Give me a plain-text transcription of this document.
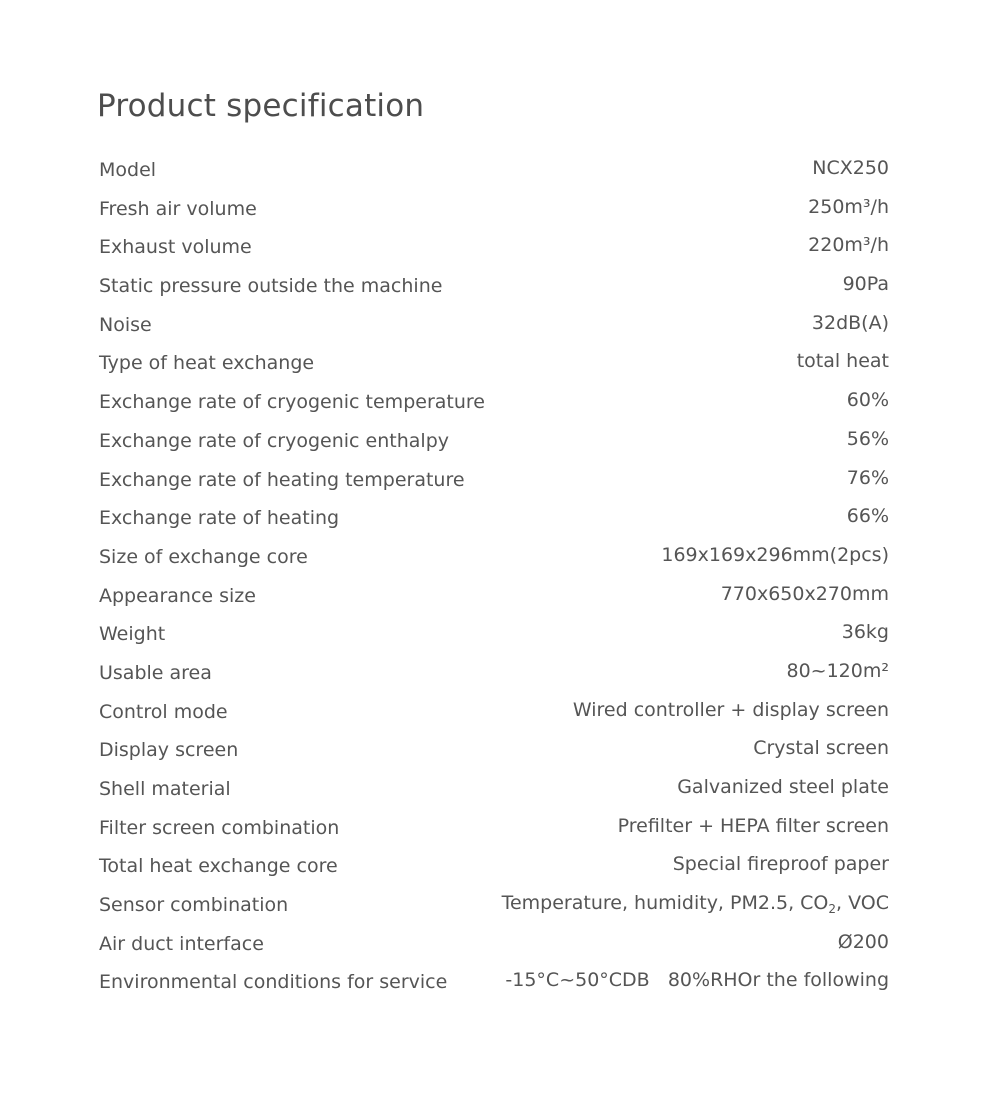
Product specification
Model	NCX250
Fresh air volume	250m³/h
Exhaust volume	220m³/h
Static pressure outside the machine	90Pa
Noise	32dB(A)
Type of heat exchange	total heat
Exchange rate of cryogenic temperature	60%
Exchange rate of cryogenic enthalpy	56%
Exchange rate of heating temperature	76%
Exchange rate of heating	66%
Size of exchange core	169x169x296mm(2pcs)
Appearance size	770x650x270mm
Weight	36kg
Usable area	80~120m²
Control mode	Wired controller + display screen
Display screen	Crystal screen
Shell material	Galvanized steel plate
Filter screen combination	Prefilter + HEPA filter screen
Total heat exchange core	Special fireproof paper
Sensor combination	Temperature, humidity, PM2.5, $CO_2$, VOC
Air duct interface	Ø200
Environmental conditions for service	-15°C~50°CDB   80%RHOr the following
